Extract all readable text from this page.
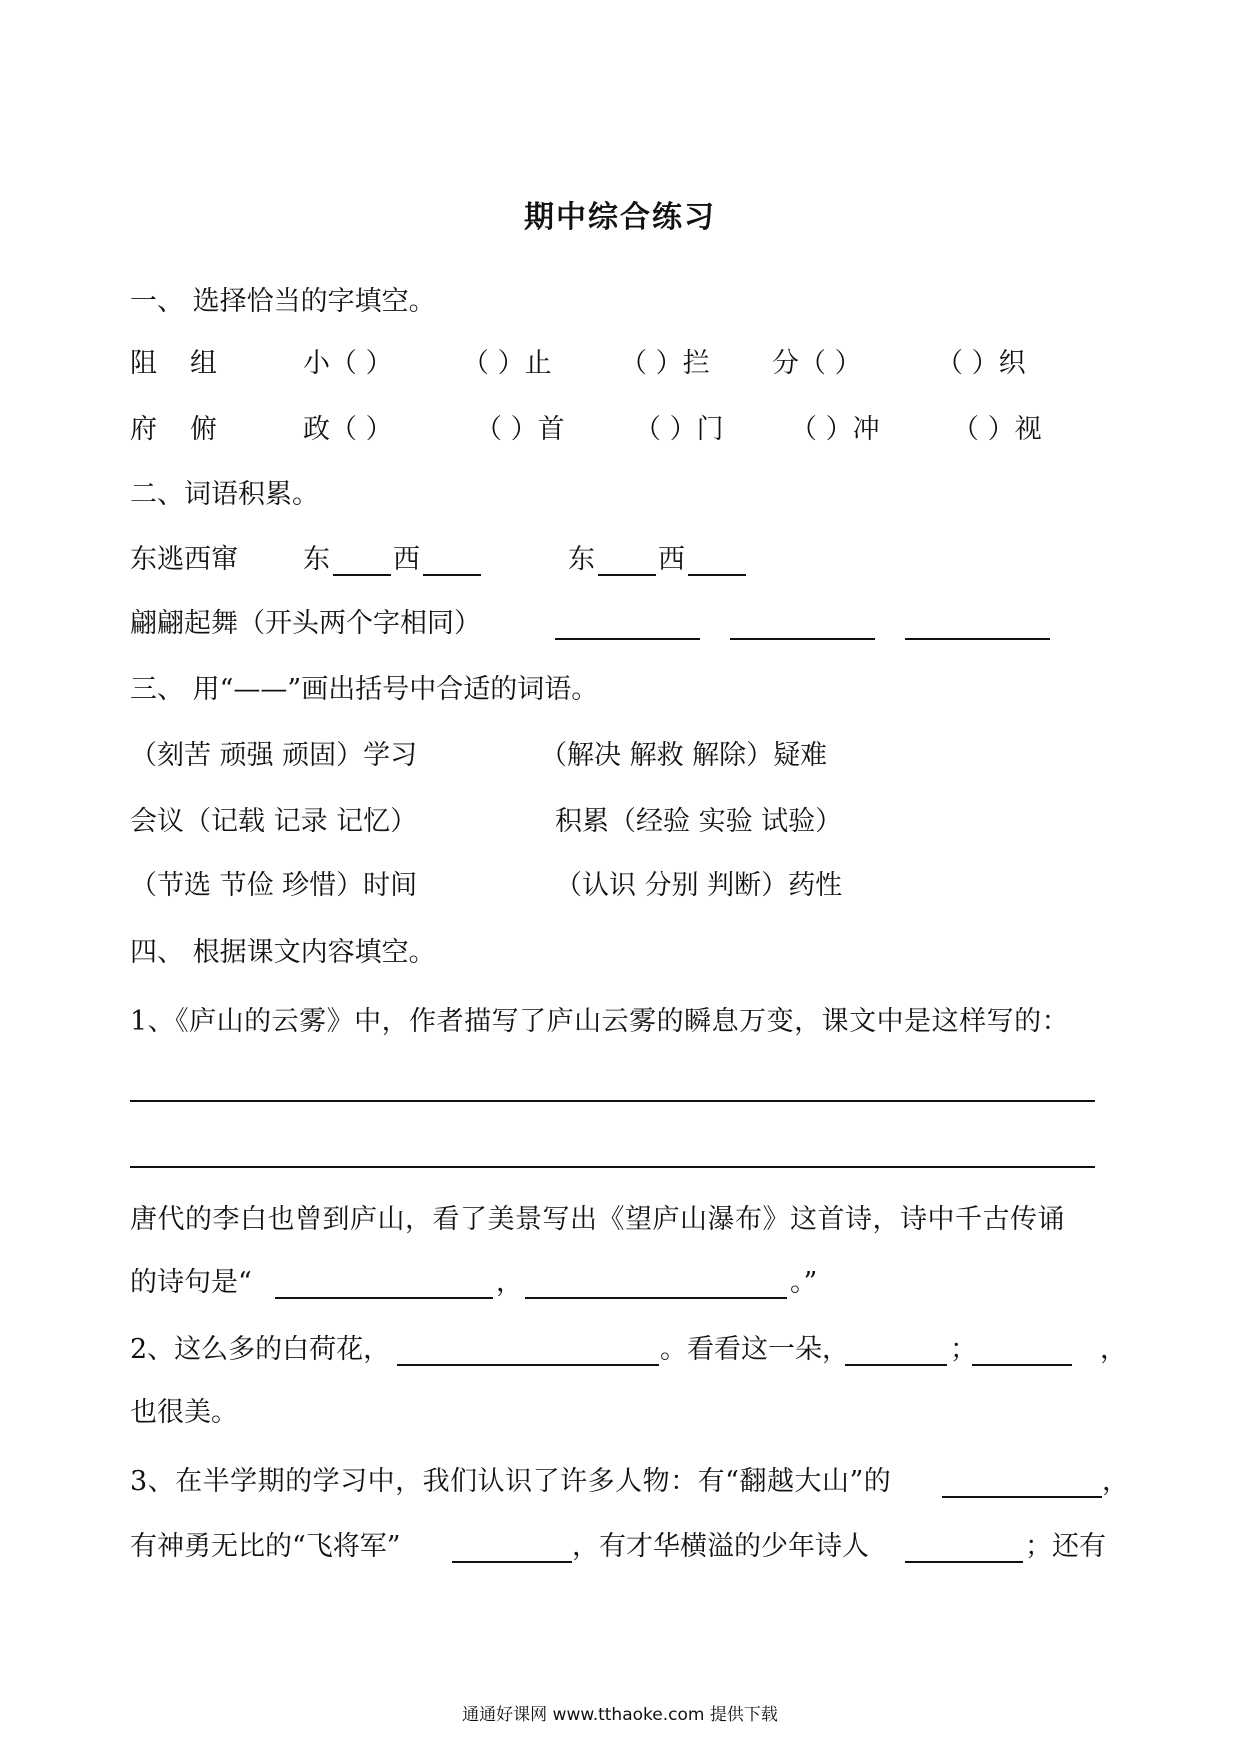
期中综合练习
一、 选择恰当的字填空。
阻 组	小（ ）	（ ）止	（ ）拦 分（ ）	（ ）织
府 俯	政（ ）	（ ）首	（ ）门 （ ）冲	（ ）视
二、词语积累。
东逃西窜 东 西	东 西
翩翩起舞（开头两个字相同）
三、 用“——”画出括号中合适的词语。
（刻苦 顽强 顽固）学习	（解决 解救 解除）疑难
会议（记载 记录 记忆）	积累（经验 实验 试验）
（节选 节俭 珍惜）时间	（认识 分别 判断）药性
四、 根据课文内容填空。
1、《庐山的云雾》中，作者描写了庐山云雾的瞬息万变，课文中是这样写的：
唐代的李白也曾到庐山，看了美景写出《望庐山瀑布》这首诗，诗中千古传诵
的诗句是“	，	。”
2、这么多的白荷花，	。看看这一朵，	；	，
也很美。
3、在半学期的学习中，我们认识了许多人物：有“翻越大山”的	，
有神勇无比的“飞将军”	，有才华横溢的少年诗人	；还有
通通好课网 www.tthaoke.com 提供下载
